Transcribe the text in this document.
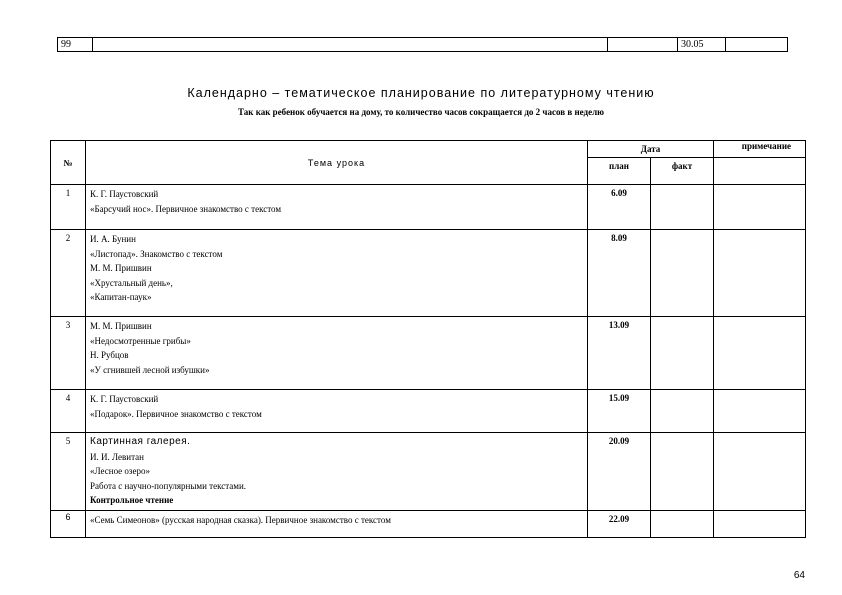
99			30.05	
Календарно – тематическое планирование по литературному чтению
Так как ребенок обучается на дому, то количество часов сокращается до 2 часов в неделю
№	Тема урока	Дата		примечание

		план	факт	

1	К. Г. Паустовский
«Барсучий нос». Первичное знакомство с текстом	6.09		
2	И. А. Бунин
«Листопад». Знакомство с текстом
М. М. Пришвин
«Хрустальный день»,
«Капитан-паук»	8.09		
3	М. М. Пришвин
«Недосмотренные грибы»
Н. Рубцов
«У сгнившей лесной избушки»	13.09		
4	К. Г. Паустовский
«Подарок». Первичное знакомство с текстом	15.09		
5	Картинная галерея.
И. И. Левитан
«Лесное озеро»
Работа с научно-популярными текстами.
Контрольное чтение	20.09		
6	«Семь Симеонов» (русская народная сказка). Первичное знакомство с текстом	22.09		
64
